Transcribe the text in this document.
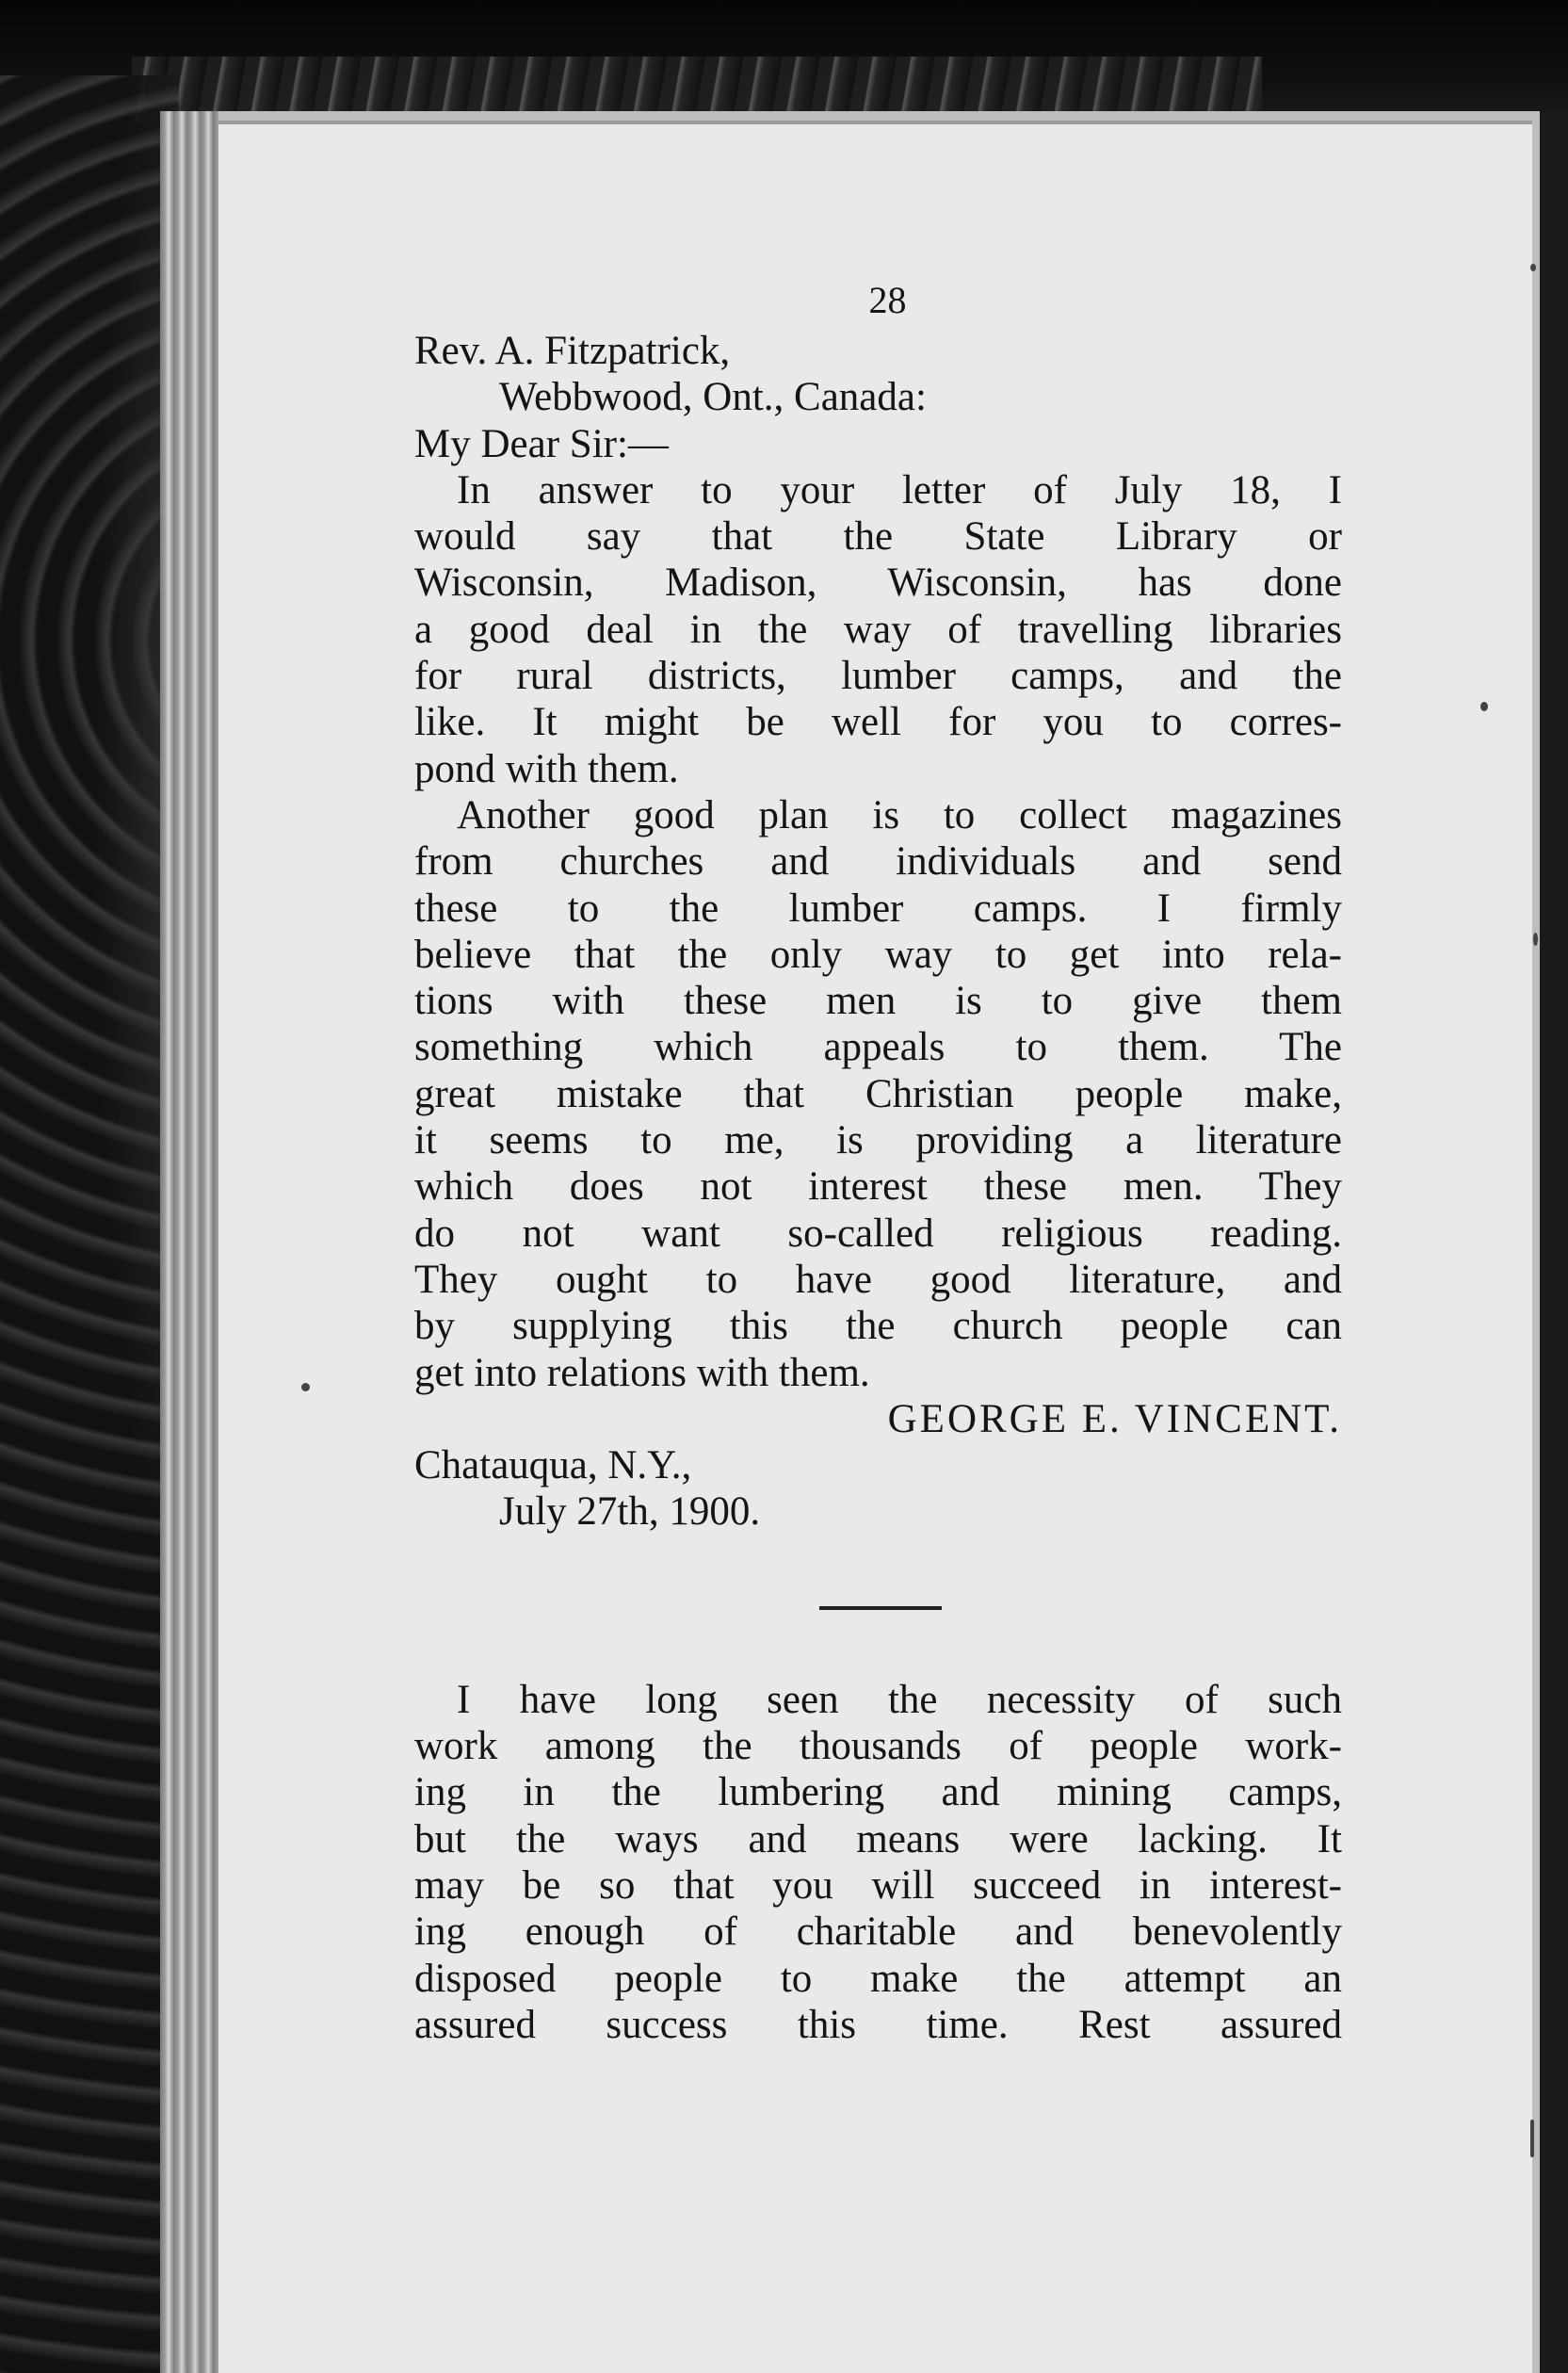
28
Rev. A. Fitzpatrick,
Webbwood, Ont., Canada:
My Dear Sir:—
In answer to your letter of July 18, I
would say that the State Library or
Wisconsin, Madison, Wisconsin, has done
a good deal in the way of travelling libraries
for rural districts, lumber camps, and the
like. It might be well for you to corres-
pond with them.
Another good plan is to collect magazines
from churches and individuals and send
these to the lumber camps. I firmly
believe that the only way to get into rela-
tions with these men is to give them
something which appeals to them. The
great mistake that Christian people make,
it seems to me, is providing a literature
which does not interest these men. They
do not want so-called religious reading.
They ought to have good literature, and
by supplying this the church people can
get into relations with them.
GEORGE E. VINCENT.
Chatauqua, N.Y.,
July 27th, 1900.
I have long seen the necessity of such
work among the thousands of people work-
ing in the lumbering and mining camps,
but the ways and means were lacking. It
may be so that you will succeed in interest-
ing enough of charitable and benevolently
disposed people to make the attempt an
assured success this time. Rest assured
